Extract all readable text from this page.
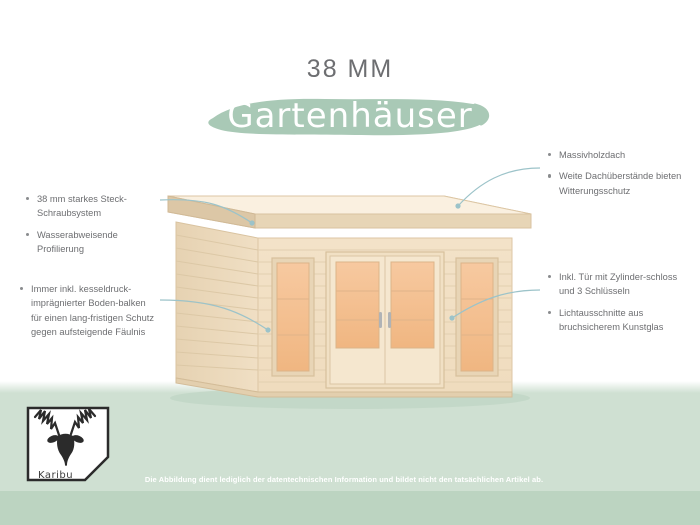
38 MM
Gartenhäuser
38 mm starkes Steck-Schraubsystem
Wasserabweisende Profilierung
Immer inkl. kesseldruck-imprägnierter Boden-balken für einen lang-fristigen Schutz gegen aufsteigende Fäulnis
Massivholzdach
Weite Dachüberstände bieten Witterungsschutz
Inkl. Tür mit Zylinder-schloss und 3 Schlüsseln
Lichtausschnitte aus bruchsicherem Kunstglas
Karibu	Die Abbildung dient lediglich der datentechnischen Information und bildet nicht den tatsächlichen Artikel ab.
